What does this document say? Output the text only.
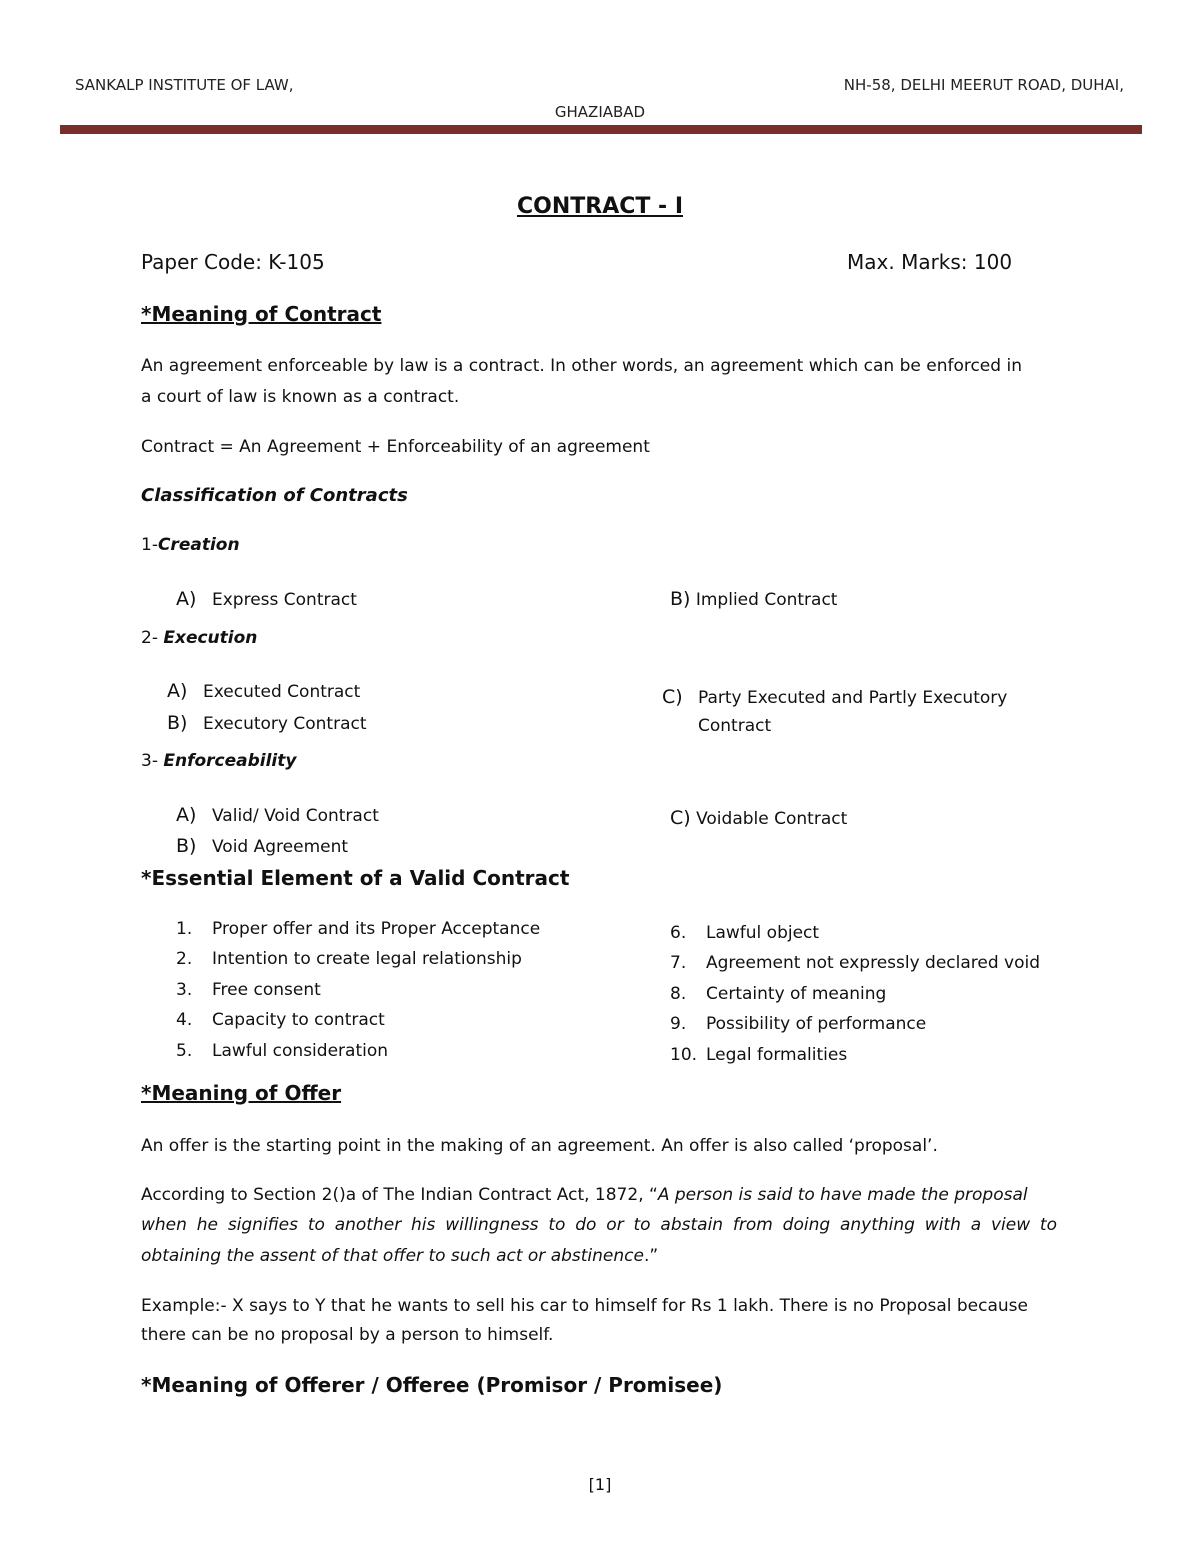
SANKALP INSTITUTE OF LAW,	NH-58, DELHI MEERUT ROAD, DUHAI,
GHAZIABAD
CONTRACT - I
Paper Code: K-105	Max. Marks: 100
*Meaning of Contract
An agreement enforceable by law is a contract. In other words, an agreement which can be enforced in
a court of law is known as a contract.
Contract = An Agreement + Enforceability of an agreement
Classification of Contracts
1-Creation
A) Express Contract	B) Implied Contract
2- Execution
A) Executed Contract
B) Executory Contract
C) Party Executed and Partly Executory
Contract
3- Enforceability
A) Valid/ Void Contract
B) Void Agreement
C) Voidable Contract
*Essential Element of a Valid Contract
1. Proper offer and its Proper Acceptance
2. Intention to create legal relationship
3. Free consent
4. Capacity to contract
5. Lawful consideration
6. Lawful object
7. Agreement not expressly declared void
8. Certainty of meaning
9. Possibility of performance
10. Legal formalities
*Meaning of Offer
An offer is the starting point in the making of an agreement. An offer is also called ‘proposal’.
According to Section 2()a of The Indian Contract Act, 1872, “A person is said to have made the proposal
when he signifies to another his willingness to do or to abstain from doing anything with a view to
obtaining the assent of that offer to such act or abstinence.”
Example:- X says to Y that he wants to sell his car to himself for Rs 1 lakh. There is no Proposal because
there can be no proposal by a person to himself.
*Meaning of Offerer / Offeree (Promisor / Promisee)
[1]
